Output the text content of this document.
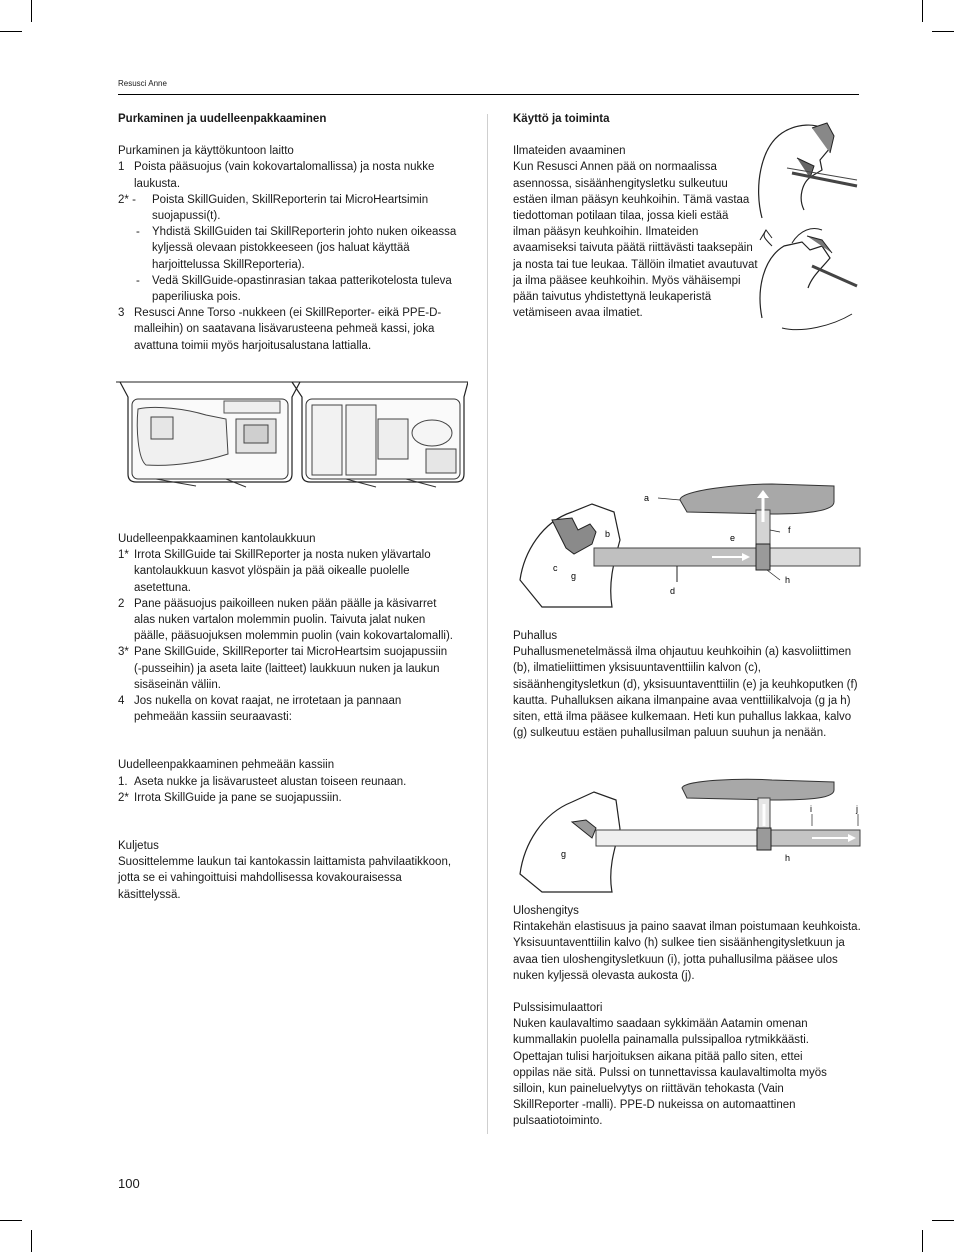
Resusci Anne
Purkaminen ja uudelleenpakkaaminen
Purkaminen ja käyttökuntoon laitto
1 Poista pääsuojus (vain kokovartalomallissa) ja nosta nukke laukusta.
2* -	Poista SkillGuiden, SkillReporterin tai MicroHeartsimin suojapussi(t).
-	Yhdistä SkillGuiden tai SkillReporterin johto nuken oikeassa kyljessä olevaan pistokkeeseen (jos haluat käyttää harjoittelussa SkillReporteria).
-	Vedä SkillGuide-opastinrasian takaa patterikotelosta tuleva paperiliuska pois.
3 Resusci Anne Torso -nukkeen (ei SkillReporter- eikä PPE-D-malleihin) on saatavana lisävarusteena pehmeä kassi, joka avattuna toimii myös harjoitusalustana lattialla.
Uudelleenpakkaaminen kantolaukkuun
1* Irrota SkillGuide tai SkillReporter ja nosta nuken ylävartalo kantolaukkuun kasvot ylöspäin ja pää oikealle puolelle asetettuna.
2 Pane pääsuojus paikoilleen nuken pään päälle ja käsivarret alas nuken vartalon molemmin puolin. Taivuta jalat nuken päälle, pääsuojuksen molemmin puolin (vain kokovartalomalli).
3* Pane SkillGuide, SkillReporter tai MicroHeartsim suojapussiin (-pusseihin) ja aseta laite (laitteet) laukkuun nuken ja laukun sisäseinän väliin.
4 Jos nukella on kovat raajat, ne irrotetaan ja pannaan pehmeään kassiin seuraavasti:
Uudelleenpakkaaminen pehmeään kassiin
1. Aseta nukke ja lisävarusteet alustan toiseen reunaan.
2* Irrota SkillGuide ja pane se suojapussiin.
Kuljetus

Suosittelemme laukun tai kantokassin laittamista pahvilaatikkoon, jotta se ei vahingoittuisi mahdollisessa kovakouraisessa käsittelyssä.

Käyttö ja toiminta
Ilmateiden avaaminen

Kun Resusci Annen pää on normaalissa asennossa, sisäänhengitysletku sulkeutuu estäen ilman pääsyn keuhkoihin. Tämä vastaa tiedottoman potilaan tilaa, jossa kieli estää ilman pääsyn keuhkoihin. Ilmateiden avaamiseksi taivuta päätä riittävästi taaksepäin ja nosta tai tue leukaa. Tällöin ilmatiet avautuvat ja ilma pääsee keuhkoihin. Myös vähäisempi pään taivutus yhdistettynä leukaperistä vetämiseen avaa ilmatiet.

a
b
c
d
e
f
g	h
Puhallus

Puhallusmenetelmässä ilma ohjautuu keuhkoihin (a) kasvoliittimen (b), ilmatieliittimen yksisuuntaventtiilin kalvon (c), sisäänhengitysletkun (d), yksisuuntaventtiilin (e) ja keuhkoputken (f) kautta. Puhalluksen aikana ilmanpaine avaa venttiilikalvoja (g ja h) siten, että ilma pääsee kulkemaan. Heti kun puhallus lakkaa, kalvo (g) sulkeutuu estäen puhallusilman paluun suuhun ja nenään.

g	h
i	j
Uloshengitys

Rintakehän elastisuus ja paino saavat ilman poistumaan keuhkoista. Yksisuuntaventtiilin kalvo (h) sulkee tien sisäänhengitysletkuun ja avaa tien uloshengitysletkuun (i), jotta puhallusilma pääsee ulos nuken kyljessä olevasta aukosta (j).

Pulssisimulaattori

Nuken kaulavaltimo saadaan sykkimään Aatamin omenan kummallakin puolella painamalla pulssipalloa rytmikkäästi. Opettajan tulisi harjoituksen aikana pitää pallo siten, ettei oppilas näe sitä. Pulssi on tunnettavissa kaulavaltimolta myös silloin, kun paineluelvytys on riittävän tehokasta (Vain SkillReporter -malli). PPE-D nukeissa on automaattinen pulsaatiotoiminto.

100
